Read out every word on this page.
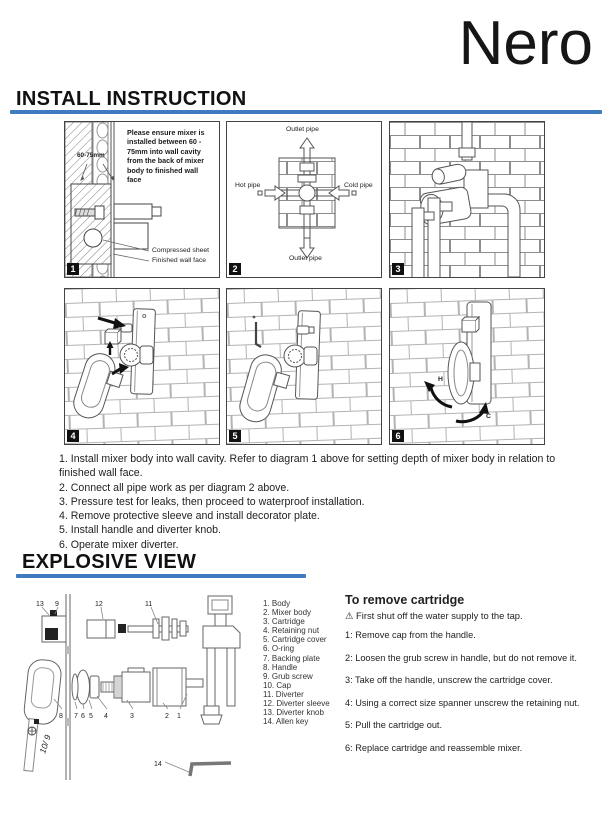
Nero
INSTALL INSTRUCTION
60-75mm
Please ensure mixer is installed between 60 - 75mm into wall cavity from the back of mixer body to finished wall face
Compressed sheet
Finished wall face
1
Outlet pipe
Hot pipe	Cold pipe
Outlet pipe
2	3
4	5
H
C
6
1. Install mixer body into wall cavity. Refer to diagram 1 above for setting depth of mixer body in relation to finished wall face.
2. Connect all pipe work as per diagram 2 above.
3. Pressure test for leaks, then proceed to waterproof installation.
4. Remove protective sleeve and install decorator plate.
5. Install handle and diverter knob.
6. Operate mixer diverter.
EXPLOSIVE VIEW
13 9	12	11
8 7 6 5 4	3	2 1
14
10/ 9
1. Body
2. Mixer body
3. Cartridge
4. Retaining nut
5. Cartridge cover
6. O-ring
7. Backing plate
8. Handle
9. Grub screw
10. Cap
11. Diverter
12. Diverter sleeve
13. Diverter knob
14. Allen key
To remove cartridge
⚠ First shut off the water supply to the tap.
1: Remove cap from the handle.
2: Loosen the grub screw in handle, but do not remove it.
3: Take off the handle, unscrew the cartridge cover.
4: Using a correct size spanner unscrew the retaining nut.
5: Pull the cartridge out.
6: Replace cartridge and reassemble mixer.
